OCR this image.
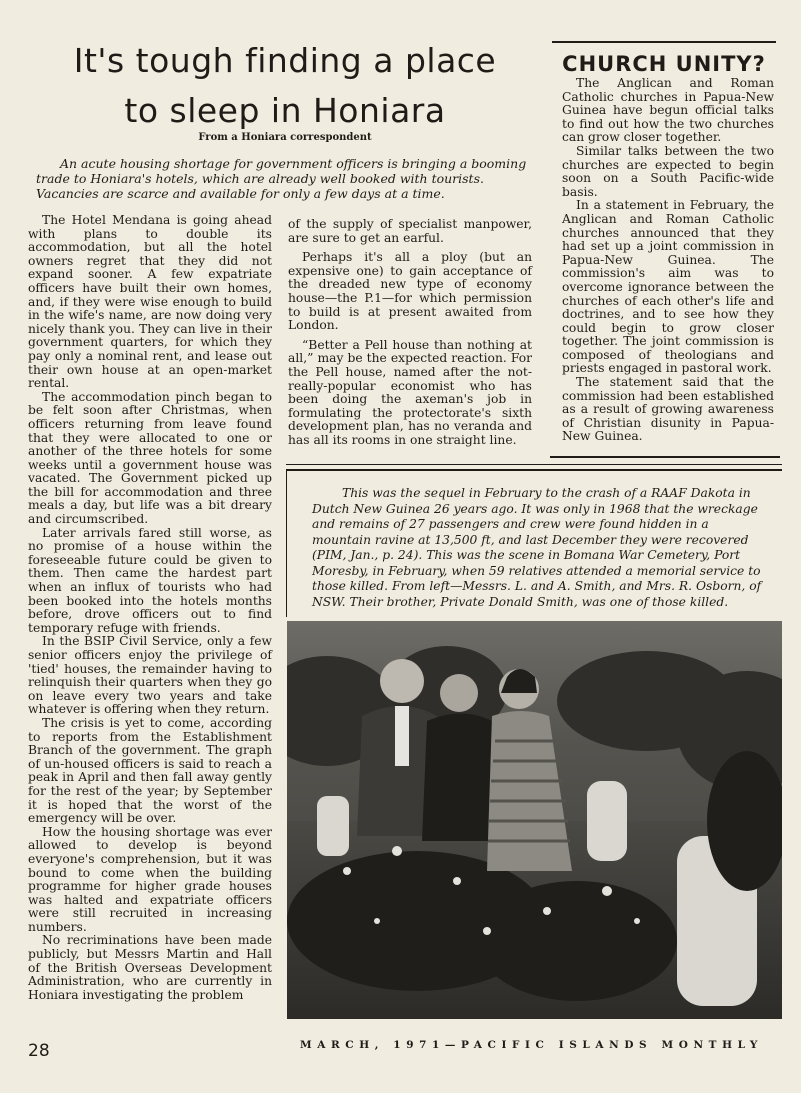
It's tough finding a place
to sleep in Honiara
From a Honiara correspondent

An acute housing shortage for government officers is bringing a booming trade to Honiara's hotels, which are already well booked with tourists. Vacancies are scarce and available for only a few days at a time.

The Hotel Mendana is going ahead with plans to double its accommodation, but all the hotel owners regret that they did not expand sooner. A few expatriate officers have built their own homes, and, if they were wise enough to build in the wife's name, are now doing very nicely thank you. They can live in their government quarters, for which they pay only a nominal rent, and lease out their own house at an open-market rental.

The accommodation pinch began to be felt soon after Christmas, when officers returning from leave found that they were allocated to one or another of the three hotels for some weeks until a government house was vacated. The Government picked up the bill for accommodation and three meals a day, but life was a bit dreary and circumscribed.

Later arrivals fared still worse, as no promise of a house within the foreseeable future could be given to them. Then came the hardest part when an influx of tourists who had been booked into the hotels months before, drove officers out to find temporary refuge with friends.

In the BSIP Civil Service, only a few senior officers enjoy the privilege of 'tied' houses, the remainder having to relinquish their quarters when they go on leave every two years and take whatever is offering when they return.

The crisis is yet to come, according to reports from the Establishment Branch of the government. The graph of un-housed officers is said to reach a peak in April and then fall away gently for the rest of the year; by September it is hoped that the worst of the emergency will be over.

How the housing shortage was ever allowed to develop is beyond everyone's comprehension, but it was bound to come when the building programme for higher grade houses was halted and expatriate officers were still recruited in increasing numbers.

No recriminations have been made publicly, but Messrs Martin and Hall of the British Overseas Development Administration, who are currently in Honiara investigating the problem

of the supply of specialist manpower, are sure to get an earful.

Perhaps it's all a ploy (but an expensive one) to gain acceptance of the dreaded new type of economy house—the P.1—for which permission to build is at present awaited from London.

“Better a Pell house than nothing at all,” may be the expected reaction. For the Pell house, named after the not-really-popular economist who has been doing the axeman's job in formulating the protectorate's sixth development plan, has no veranda and has all its rooms in one straight line.

CHURCH UNITY?

The Anglican and Roman Catholic churches in Papua-New Guinea have begun official talks to find out how the two churches can grow closer together.

Similar talks between the two churches are expected to begin soon on a South Pacific-wide basis.

In a statement in February, the Anglican and Roman Catholic churches announced that they had set up a joint commission in Papua-New Guinea. The commission's aim was to overcome ignorance between the churches of each other's life and doctrines, and to see how they could begin to grow closer together. The joint commission is composed of theologians and priests engaged in pastoral work.

The statement said that the commission had been established as a result of growing awareness of Christian disunity in Papua-New Guinea.

This was the sequel in February to the crash of a RAAF Dakota in Dutch New Guinea 26 years ago. It was only in 1968 that the wreckage and remains of 27 passengers and crew were found hidden in a mountain ravine at 13,500 ft, and last December they were recovered (PIM, Jan., p. 24). This was the scene in Bomana War Cemetery, Port Moresby, in February, when 59 relatives attended a memorial service to those killed. From left—Messrs. L. and A. Smith, and Mrs. R. Osborn, of NSW. Their brother, Private Donald Smith, was one of those killed.

28	MARCH, 1971—PACIFIC ISLANDS MONTHLY
